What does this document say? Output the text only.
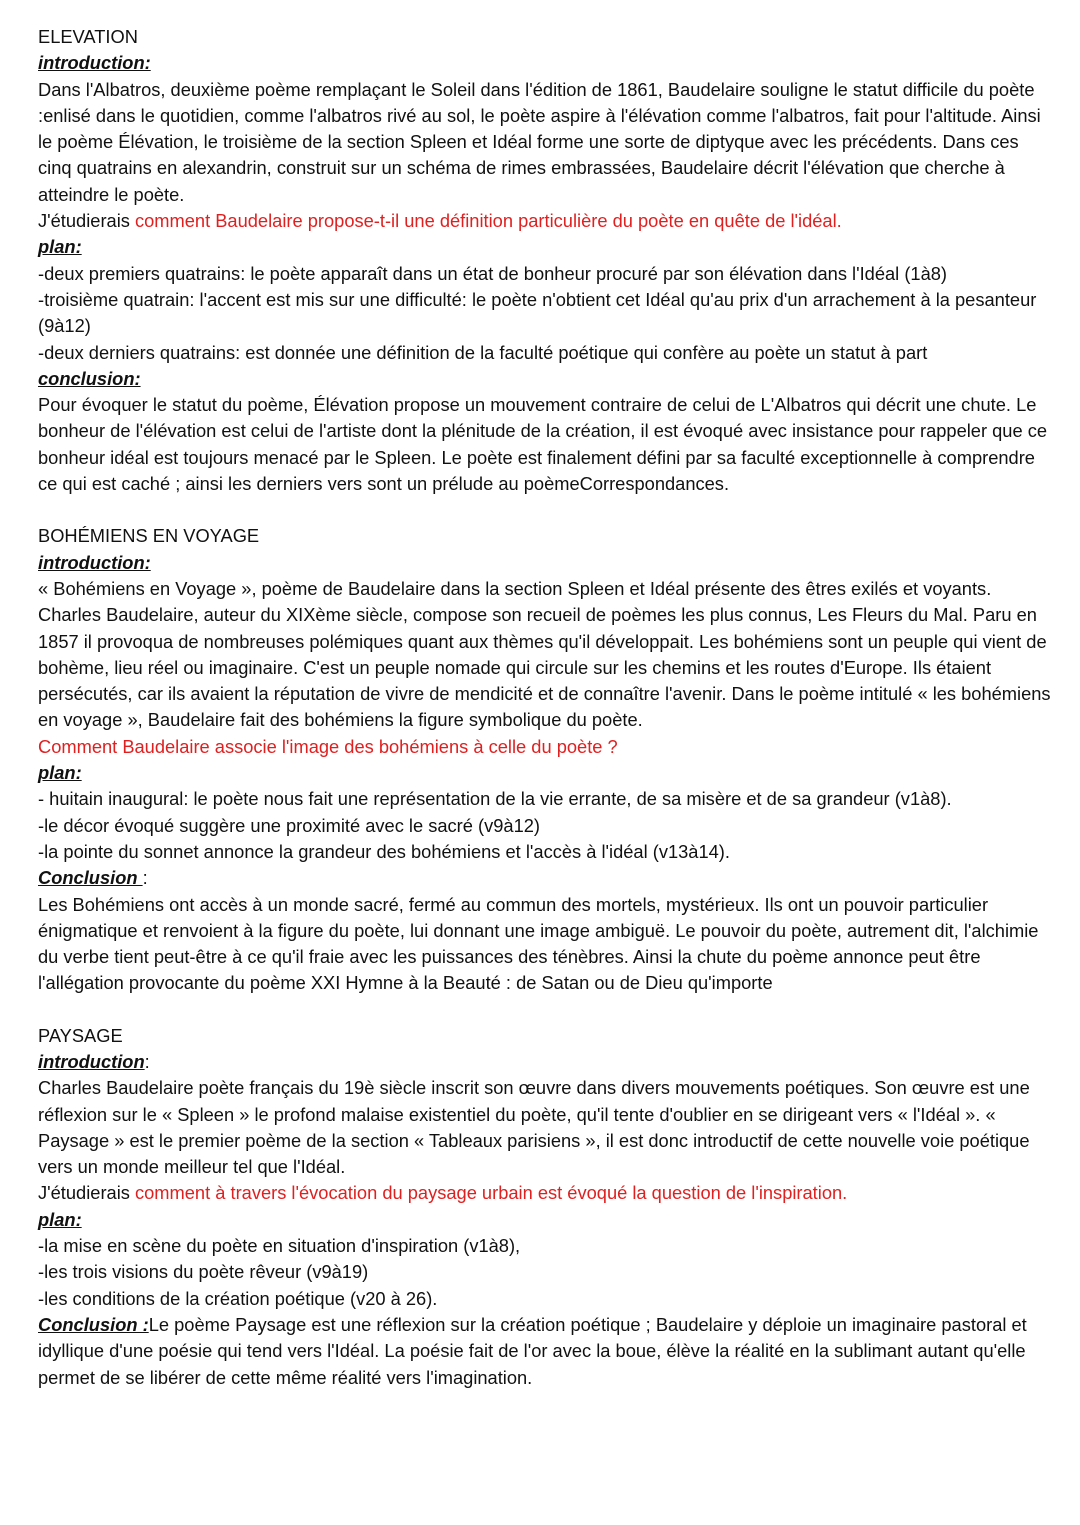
ELEVATION

introduction:

Dans l'Albatros, deuxième poème remplaçant le Soleil dans l'édition de 1861, Baudelaire souligne le statut difficile du poète :enlisé dans le quotidien, comme l'albatros rivé au sol, le poète aspire à l'élévation comme l'albatros, fait pour l'altitude. Ainsi le poème Élévation, le troisième de la section Spleen et Idéal forme une sorte de diptyque avec les précédents. Dans ces cinq quatrains en alexandrin, construit sur un schéma de rimes embrassées, Baudelaire décrit l'élévation que cherche à atteindre le poète.

J'étudierais comment Baudelaire propose-t-il une définition particulière du poète en quête de l'idéal.

plan:

-deux premiers quatrains: le poète apparaît dans un état de bonheur procuré par son élévation dans l'Idéal (1à8)

-troisième quatrain: l'accent est mis sur une difficulté: le poète n'obtient cet Idéal qu'au prix d'un arrachement à la pesanteur (9à12)

-deux derniers quatrains: est donnée une définition de la faculté poétique qui confère au poète un statut à part

conclusion:

Pour évoquer le statut du poème, Élévation propose un mouvement contraire de celui de L'Albatros qui décrit une chute. Le bonheur de l'élévation est celui de l'artiste dont la plénitude de la création, il est évoqué avec insistance pour rappeler que ce bonheur idéal est toujours menacé par le Spleen. Le poète est finalement défini par sa faculté exceptionnelle à comprendre ce qui est caché ; ainsi les derniers vers sont un prélude au poèmeCorrespondances.

BOHÉMIENS EN VOYAGE

introduction:

« Bohémiens en Voyage », poème de Baudelaire dans la section Spleen et Idéal présente des êtres exilés et voyants. Charles Baudelaire, auteur du XIXème siècle, compose son recueil de poèmes les plus connus, Les Fleurs du Mal. Paru en 1857 il provoqua de nombreuses polémiques quant aux thèmes qu'il développait. Les bohémiens sont un peuple qui vient de bohème, lieu réel ou imaginaire. C'est un peuple nomade qui circule sur les chemins et les routes d'Europe. Ils étaient persécutés, car ils avaient la réputation de vivre de mendicité et de connaître l'avenir. Dans le poème intitulé « les bohémiens en voyage », Baudelaire fait des bohémiens la figure symbolique du poète.

Comment Baudelaire associe l'image des bohémiens à celle du poète ?

plan:

- huitain inaugural: le poète nous fait une représentation de la vie errante, de sa misère et de sa grandeur (v1à8).

-le décor évoqué suggère une proximité avec le sacré (v9à12)

-la pointe du sonnet annonce la grandeur des bohémiens et l'accès à l'idéal (v13à14).

Conclusion :

Les Bohémiens ont accès à un monde sacré, fermé au commun des mortels, mystérieux. Ils ont un pouvoir particulier énigmatique et renvoient à la figure du poète, lui donnant une image ambiguë. Le pouvoir du poète, autrement dit, l'alchimie du verbe tient peut-être à ce qu'il fraie avec les puissances des ténèbres. Ainsi la chute du poème annonce peut être l'allégation provocante du poème XXI Hymne à la Beauté : de Satan ou de Dieu qu'importe

PAYSAGE

introduction:

Charles Baudelaire poète français du 19è siècle inscrit son œuvre dans divers mouvements poétiques. Son œuvre est une réflexion sur le « Spleen » le profond malaise existentiel du poète, qu'il tente d'oublier en se dirigeant vers « l'Idéal ». « Paysage » est le premier poème de la section « Tableaux parisiens », il est donc introductif de cette nouvelle voie poétique vers un monde meilleur tel que l'Idéal.

J'étudierais comment à travers l'évocation du paysage urbain est évoqué la question de l'inspiration.

plan:

-la mise en scène du poète en situation d'inspiration (v1à8),

-les trois visions du poète rêveur (v9à19)

-les conditions de la création poétique (v20 à 26).

Conclusion :Le poème Paysage est une réflexion sur la création poétique ; Baudelaire y déploie un imaginaire pastoral et idyllique d'une poésie qui tend vers l'Idéal. La poésie fait de l'or avec la boue, élève la réalité en la sublimant autant qu'elle permet de se libérer de cette même réalité vers l'imagination.
